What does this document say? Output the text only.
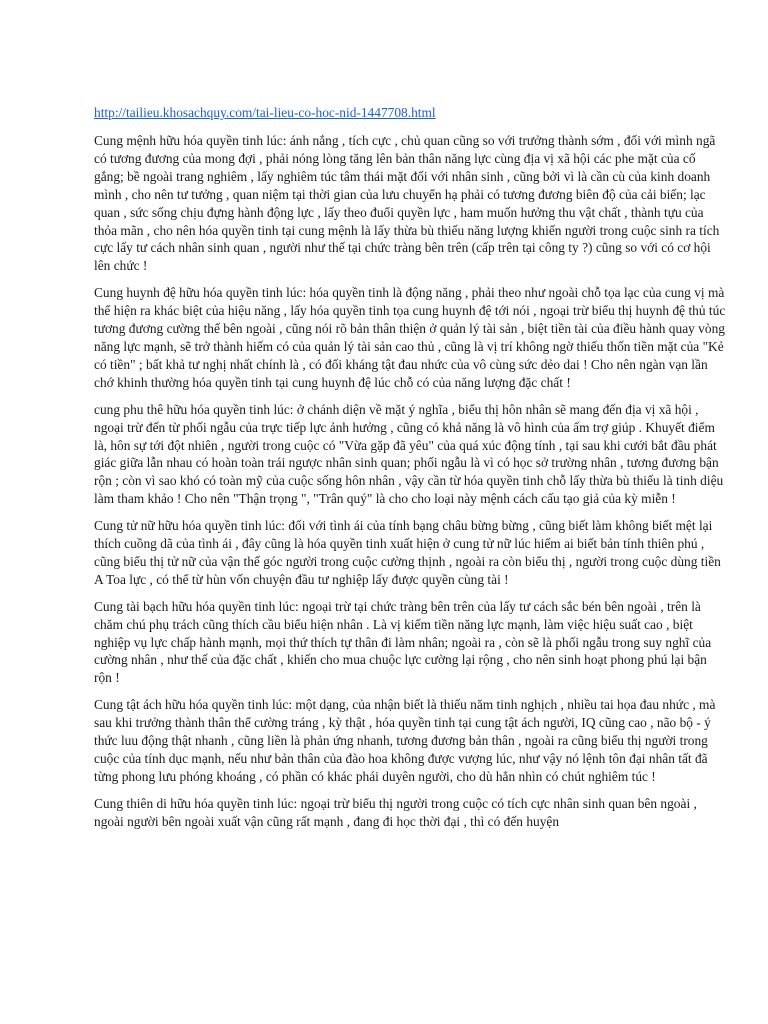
http://tailieu.khosachquy.com/tai-lieu-co-hoc-nid-1447708.html

Cung mệnh hữu hóa quyền tinh lúc: ánh nắng , tích cực , chủ quan cũng so với trưởng thành sớm , đối với mình ngã có tương đương của mong đợi , phải nóng lòng tăng lên bản thân năng lực cùng địa vị xã hội các phe mặt của cố gắng; bề ngoài trang nghiêm , lấy nghiêm túc tâm thái mặt đối với nhân sinh , cũng bởi vì là cần cù của kinh doanh mình , cho nên tư tưởng , quan niệm tại thời gian của lưu chuyển hạ phải có tương đương biên độ của cải biến; lạc quan , sức sống chịu đựng hành động lực , lấy theo đuổi quyền lực , ham muốn hưởng thu vật chất , thành tựu của thỏa mãn , cho nên hóa quyền tinh tại cung mệnh là lấy thừa bù thiếu năng lượng khiến người trong cuộc sinh ra tích cực lấy tư cách nhân sinh quan , người như thế tại chức tràng bên trên (cấp trên tại công ty ?) cũng so với có cơ hội lên chức !

Cung huynh đệ hữu hóa quyền tinh lúc: hóa quyền tinh là động năng , phải theo như ngoài chỗ tọa lạc của cung vị mà thể hiện ra khác biệt của hiệu năng , lấy hóa quyền tinh tọa cung huynh đệ tới nói , ngoại trừ biểu thị huynh đệ thủ túc tương đương cường thế bên ngoài , cũng nói rõ bản thân thiện ở quản lý tài sản , biệt tiền tài của điều hành quay vòng năng lực mạnh, sẽ trở thành hiếm có của quản lý tài sản cao thủ , cũng là vị trí không ngờ thiếu thốn tiền mặt của "Kẻ có tiền" ; bất khả tư nghị nhất chính là , có đối kháng tật đau nhức của vô cùng sức dẻo dai ! Cho nên ngàn vạn lần chớ khinh thường hóa quyền tinh tại cung huynh đệ lúc chỗ có của năng lượng đặc chất !

cung phu thê hữu hóa quyền tinh lúc: ở chánh diện về mặt ý nghĩa , biểu thị hôn nhân sẽ mang đến địa vị xã hội , ngoại trừ đến từ phối ngẫu của trực tiếp lực ảnh hưởng , cũng có khả năng là vô hình của ấm trợ giúp . Khuyết điểm là, hôn sự tới đột nhiên , người trong cuộc có "Vừa gặp đã yêu" của quá xúc động tính , tại sau khi cưới bắt đầu phát giác giữa lẫn nhau có hoàn toàn trái ngược nhân sinh quan; phối ngẫu là vì có học sở trường nhân , tương đương bận rộn ; còn vì sao khó có toàn mỹ của cuộc sống hôn nhân , vậy cần từ hóa quyền tinh chỗ lấy thừa bù thiếu là tinh diệu làm tham khảo ! Cho nên "Thận trọng ", "Trân quý" là cho cho loại này mệnh cách cấu tạo giả của kỳ miễn !

Cung tử nữ hữu hóa quyền tinh lúc: đối với tình ái của tính bạng châu bừng bừng , cũng biết làm không biết mệt lại thích cuồng dã của tình ái , đây cũng là hóa quyền tinh xuất hiện ở cung tử nữ lúc hiếm ai biết bản tính thiên phú , cũng biểu thị tử nữ của vận thế góc người trong cuộc cường thịnh , ngoài ra còn biểu thị , người trong cuộc dùng tiền A Toa lực , có thể từ hùn vốn chuyện đầu tư nghiệp lấy được quyền cùng tài !

Cung tài bạch hữu hóa quyền tinh lúc: ngoại trừ tại chức tràng bên trên của lấy tư cách sắc bén bên ngoài , trên là chăm chú phụ trách cũng thích cầu biểu hiện nhân . Là vị kiếm tiền năng lực mạnh, làm việc hiệu suất cao , biệt nghiệp vụ lực chấp hành mạnh, mọi thứ thích tự thân đi làm nhân; ngoài ra , còn sẽ là phối ngẫu trong suy nghĩ của cường nhân , như thế của đặc chất , khiến cho mua chuộc lực cường lại rộng , cho nên sinh hoạt phong phú lại bận rộn !

Cung tật ách hữu hóa quyền tinh lúc: một dạng, của nhận biết là thiếu năm tinh nghịch , nhiều tai họa đau nhức , mà sau khi trưởng thành thân thể cường tráng , kỳ thật , hóa quyền tinh tại cung tật ách người, IQ cũng cao , não bộ - ý thức luu động thật nhanh , cũng liền là phản ứng nhanh, tương đương bản thân , ngoài ra cũng biểu thị người trong cuộc của tính dục mạnh, nếu như bản thân của đào hoa không được vượng lúc, như vậy nó lệnh tôn đại nhân tất đã từng phong lưu phóng khoáng , có phần có khác phái duyên người, cho dù hẳn nhìn có chút nghiêm túc !

Cung thiên di hữu hóa quyền tinh lúc: ngoại trừ biểu thị người trong cuộc có tích cực nhân sinh quan bên ngoài , ngoài người bên ngoài xuất vận cũng rất mạnh , đang đi học thời đại , thì có đến huyện
